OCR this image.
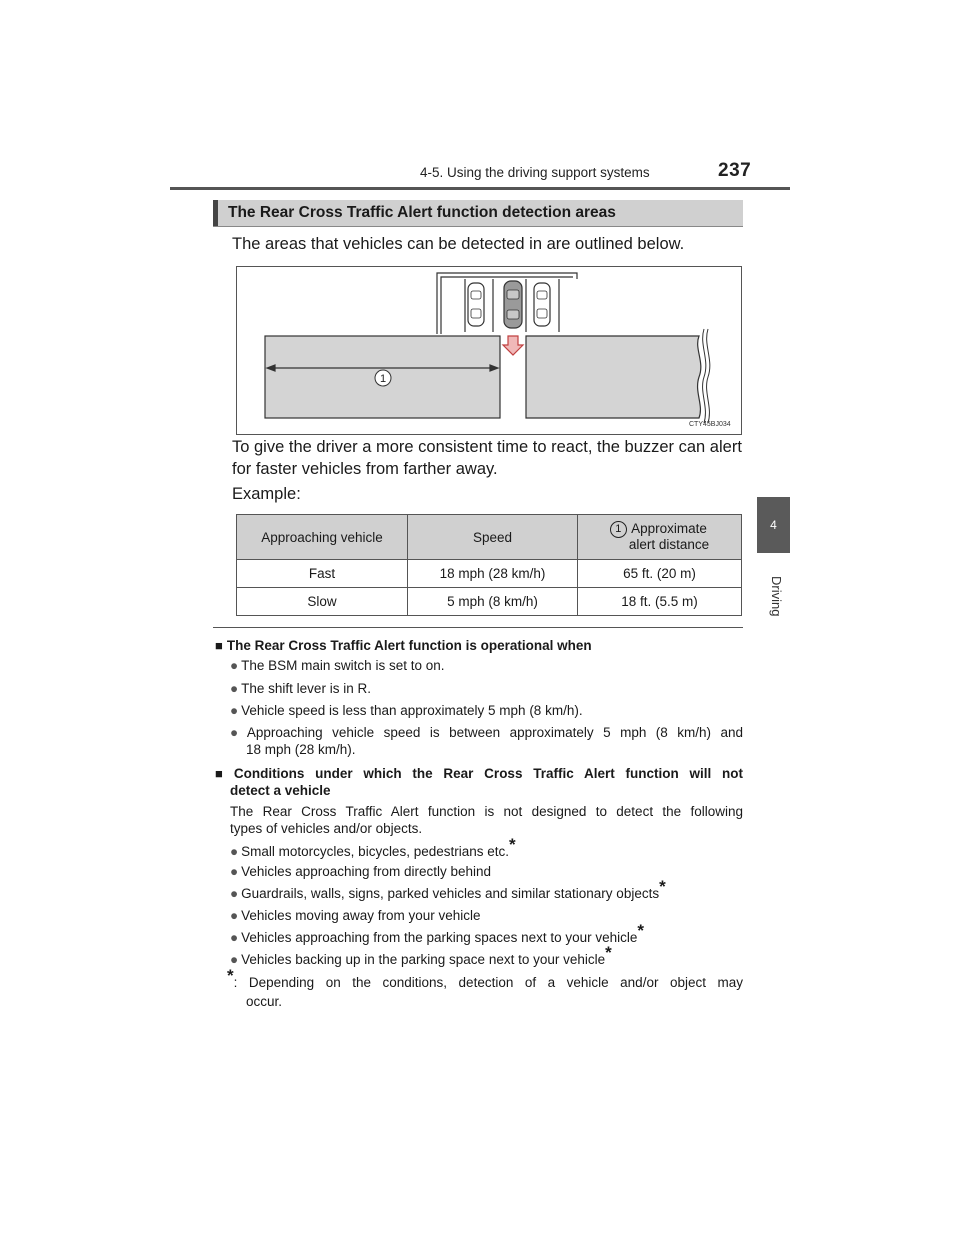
4-5. Using the driving support systems	237
4
Driving
The Rear Cross Traffic Alert function detection areas
The areas that vehicles can be detected in are outlined below.
1
CTY45BJ034
To give the driver a more consistent time to react, the buzzer can alert
for faster vehicles from farther away.
Example:
Approaching vehicle	Speed	1 Approximate
alert distance
Fast	18 mph (28 km/h)	65 ft. (20 m)
Slow	5 mph (8 km/h)	18 ft. (5.5 m)
■ The Rear Cross Traffic Alert function is operational when
● The BSM main switch is set to on.
● The shift lever is in R.
● Vehicle speed is less than approximately 5 mph (8 km/h).
● Approaching vehicle speed is between approximately 5 mph (8 km/h) and
18 mph (28 km/h).
■ Conditions under which the Rear Cross Traffic Alert function will not
detect a vehicle
The Rear Cross Traffic Alert function is not designed to detect the following
types of vehicles and/or objects.
● Small motorcycles, bicycles, pedestrians etc.*
● Vehicles approaching from directly behind
● Guardrails, walls, signs, parked vehicles and similar stationary objects*
● Vehicles moving away from your vehicle
● Vehicles approaching from the parking spaces next to your vehicle*
● Vehicles backing up in the parking space next to your vehicle*
*: Depending on the conditions, detection of a vehicle and/or object may
occur.
